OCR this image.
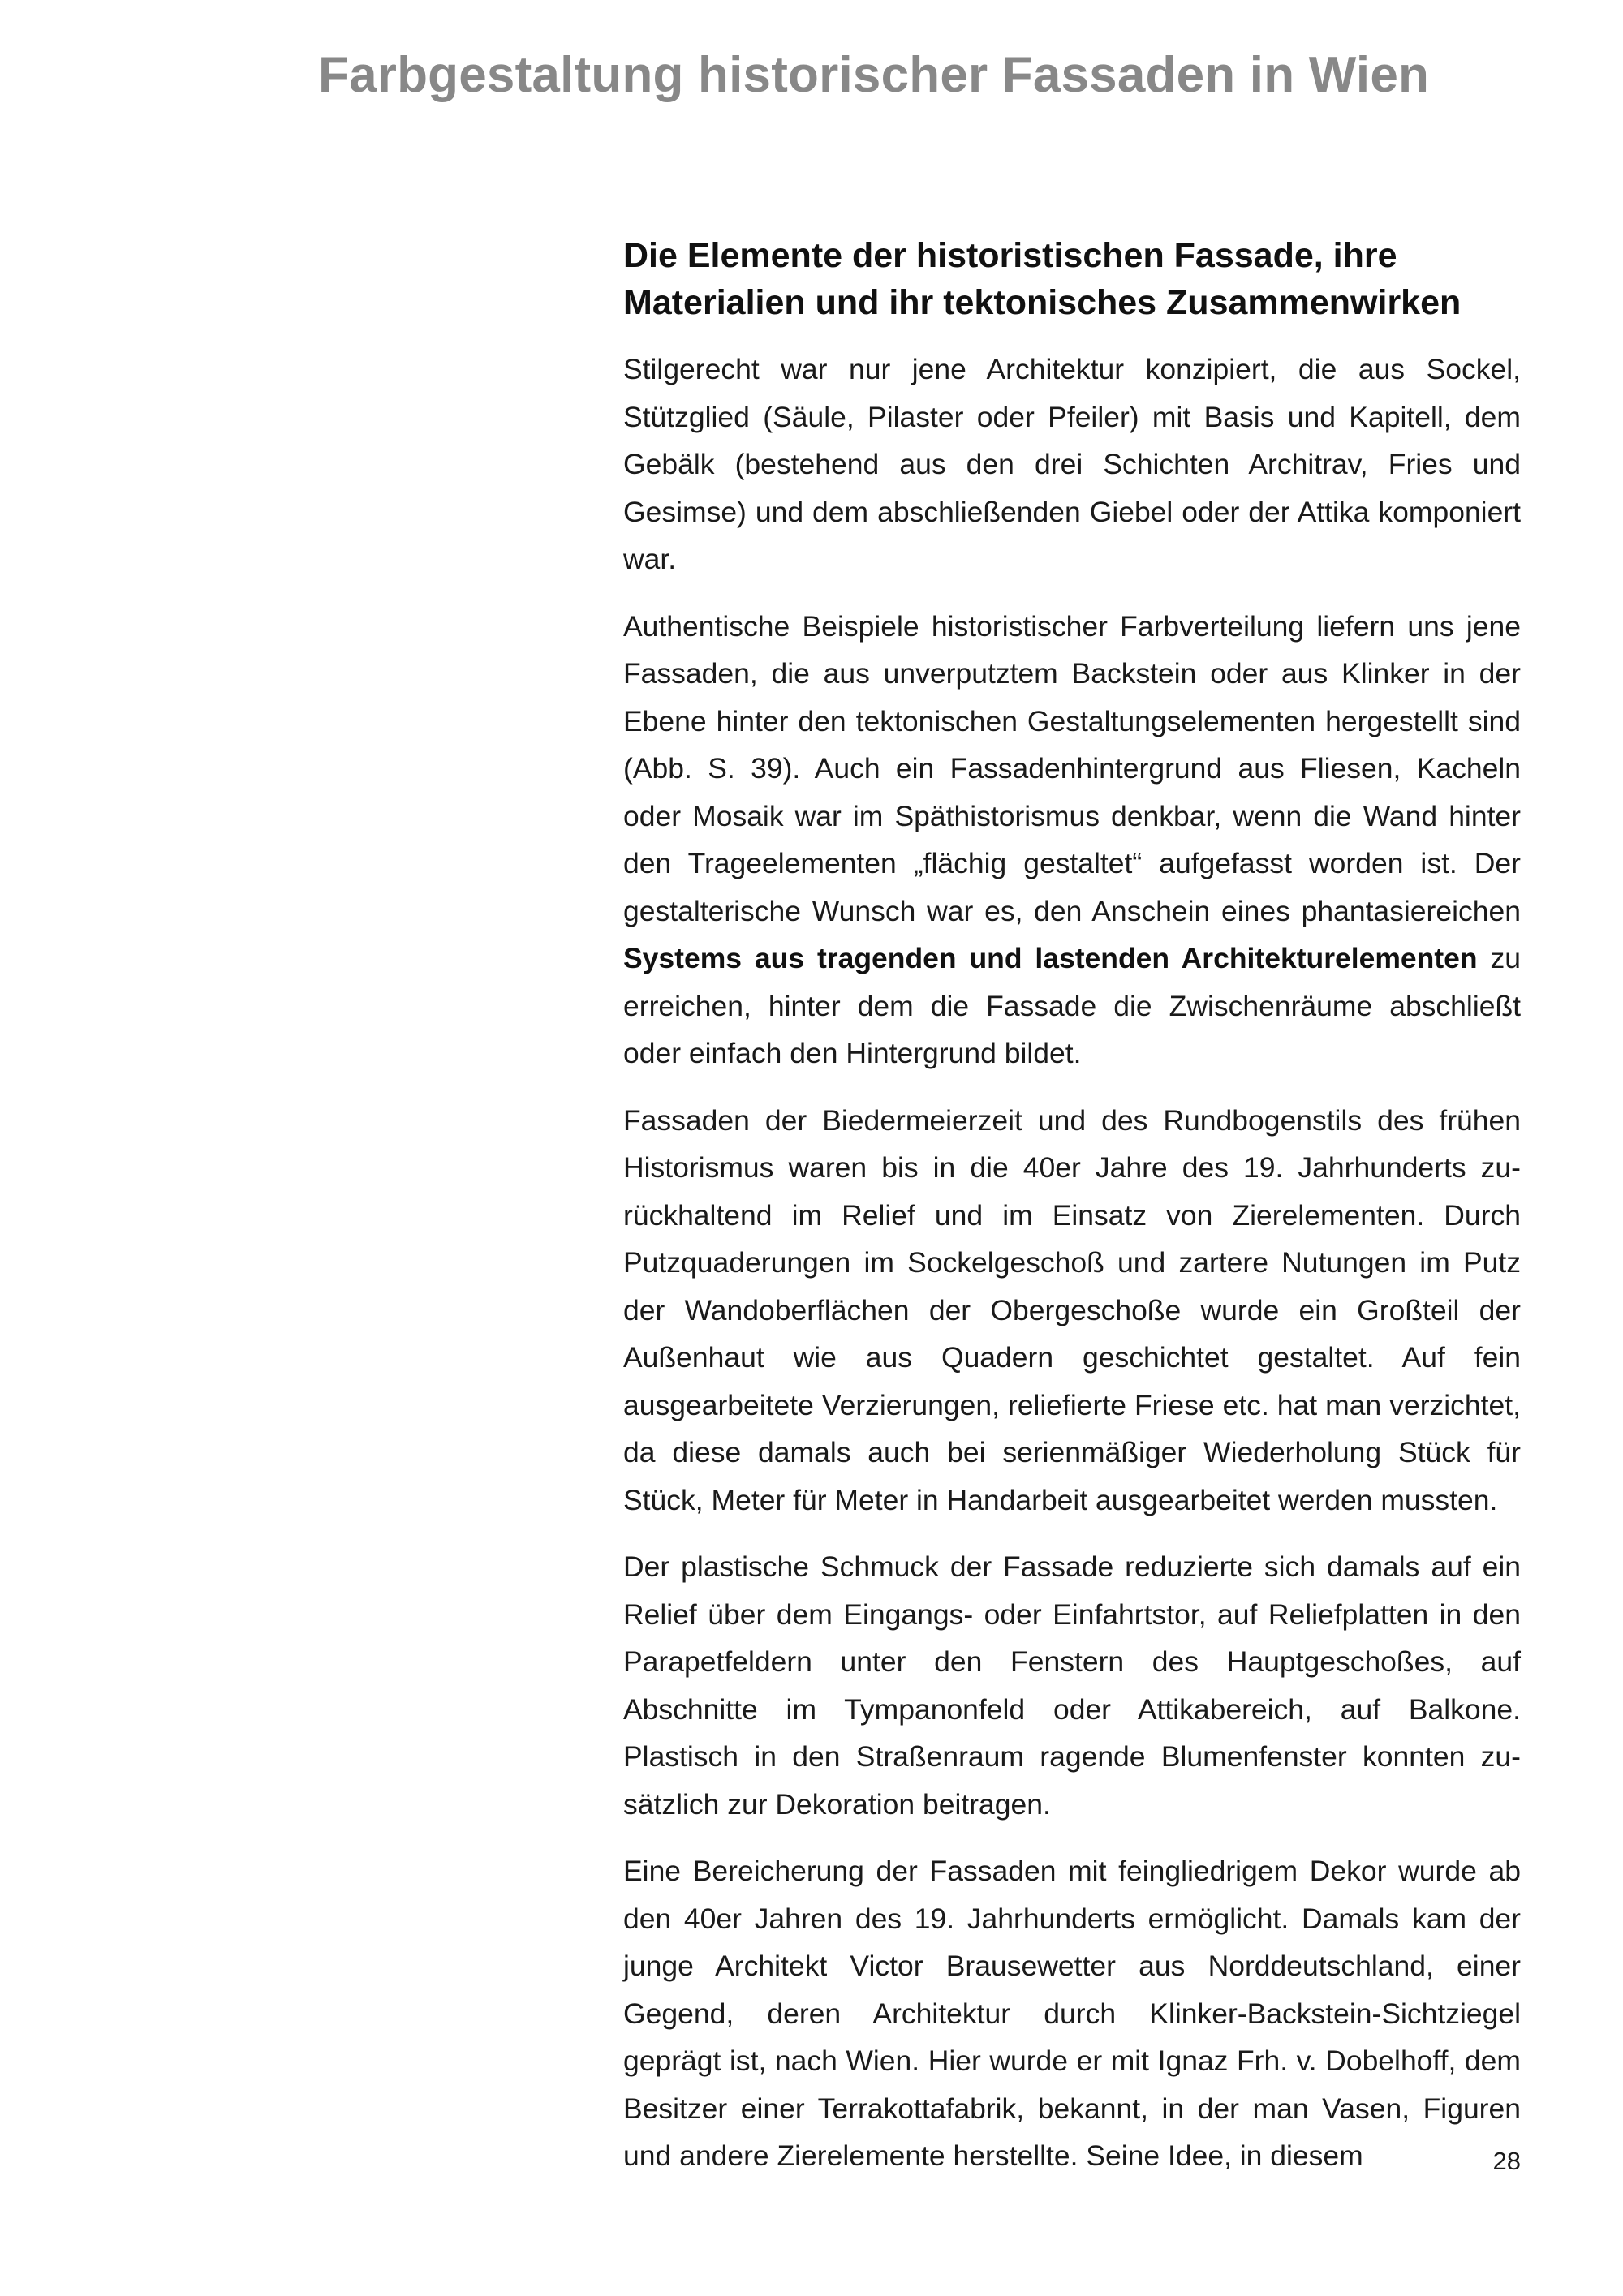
Farbgestaltung historischer Fassaden in Wien
Die Elemente der historistischen Fassade, ihre
Materialien und ihr tektonisches Zusammenwirken

Stilgerecht war nur jene Architektur konzipiert, die aus Sockel, Stützglied (Säule, Pilaster oder Pfeiler) mit Basis und Kapitell, dem Gebälk (bestehend aus den drei Schichten Architrav, Fries und Gesimse) und dem abschließenden Giebel oder der Attika komponiert war.

Authentische Beispiele historistischer Farbverteilung liefern uns jene Fassaden, die aus unverputztem Backstein oder aus Klinker in der Ebene hinter den tektonischen Gestaltungselementen hergestellt sind (Abb. S. 39). Auch ein Fassadenhintergrund aus Fliesen, Kacheln oder Mosaik war im Späthistorismus denkbar, wenn die Wand hinter den Trageelementen „flächig gestaltet“ aufgefasst worden ist. Der gestalterische Wunsch war es, den Anschein eines phantasiereichen Systems aus tragenden und lastenden Architekturelementen zu erreichen, hinter dem die Fassade die Zwischenräume abschließt oder einfach den Hintergrund bildet.

Fassaden der Biedermeierzeit und des Rundbogenstils des frühen Historismus waren bis in die 40er Jahre des 19. Jahrhunderts zurückhaltend im Relief und im Einsatz von Zierelementen. Durch Putzquaderungen im Sockelgeschoß und zartere Nutungen im Putz der Wandoberflächen der Obergeschoße wurde ein Großteil der Außenhaut wie aus Quadern geschichtet gestaltet. Auf fein ausgearbeitete Verzierungen, reliefierte Friese etc. hat man verzichtet, da diese damals auch bei serienmäßiger Wiederholung Stück für Stück, Meter für Meter in Handarbeit ausgearbeitet werden mussten.

Der plastische Schmuck der Fassade reduzierte sich damals auf ein Relief über dem Eingangs- oder Einfahrtstor, auf Reliefplatten in den Parapetfeldern unter den Fenstern des Hauptgeschoßes, auf Abschnitte im Tympanonfeld oder Attikabereich, auf Balkone. Plastisch in den Straßenraum ragende Blumenfenster konnten zusätzlich zur Dekoration beitragen.

Eine Bereicherung der Fassaden mit feingliedrigem Dekor wurde ab den 40er Jahren des 19. Jahrhunderts ermöglicht. Damals kam der junge Architekt Victor Brausewetter aus Norddeutschland, einer Gegend, deren Architektur durch Klinker-Backstein-Sichtziegel geprägt ist, nach Wien. Hier wurde er mit Ignaz Frh. v. Dobelhoff, dem Besitzer einer Terrakottafabrik, bekannt, in der man Vasen, Figuren und andere Zierelemente herstellte. Seine Idee, in diesem	28
